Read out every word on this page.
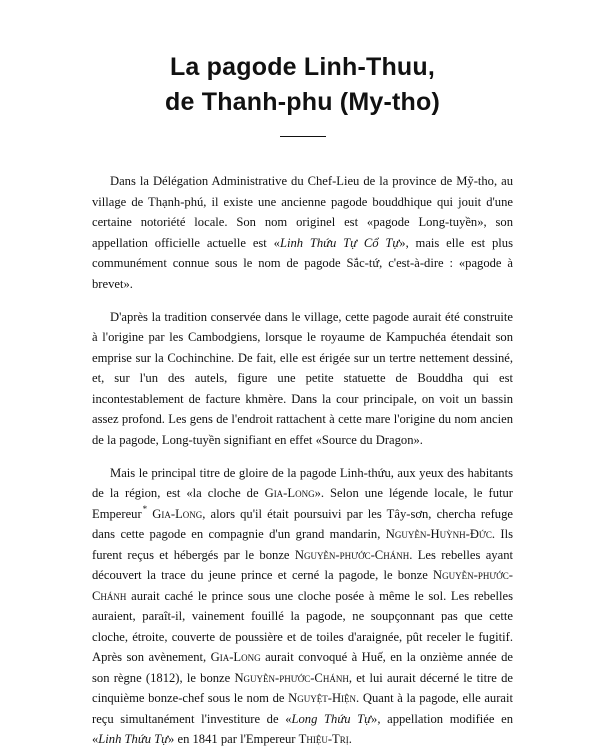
La pagode Linh-Thuu,
de Thanh-phu (My-tho)

Dans la Délégation Administrative du Chef-Lieu de la province de Mỹ-tho, au village de Thạnh-phú, il existe une ancienne pagode bouddhique qui jouit d'une certaine notoriété locale. Son nom originel est «pagode Long-tuyền», son appellation officielle actuelle est «Linh Thứu Tự Cổ Tự», mais elle est plus communément connue sous le nom de pagode Sắc-tứ, c'est-à-dire : «pagode à brevet».

D'après la tradition conservée dans le village, cette pagode aurait été construite à l'origine par les Cambodgiens, lorsque le royaume de Kampuchéa étendait son emprise sur la Cochinchine. De fait, elle est érigée sur un tertre nettement dessiné, et, sur l'un des autels, figure une petite statuette de Bouddha qui est incontestablement de facture khmère. Dans la cour principale, on voit un bassin assez profond. Les gens de l'endroit rattachent à cette mare l'origine du nom ancien de la pagode, Long-tuyền signifiant en effet «Source du Dragon».

Mais le principal titre de gloire de la pagode Linh-thứu, aux yeux des habitants de la région, est «la cloche de Gia-Long». Selon une légende locale, le futur Empereur* Gia-Long, alors qu'il était poursuivi par les Tây-sơn, chercha refuge dans cette pagode en compagnie d'un grand mandarin, Nguyễn-Huỳnh-Đức. Ils furent reçus et hébergés par le bonze Nguyễn-phước-Chánh. Les rebelles ayant découvert la trace du jeune prince et cerné la pagode, le bonze Nguyễn-phước-Chánh aurait caché le prince sous une cloche posée à même le sol. Les rebelles auraient, paraît-il, vainement fouillé la pagode, ne soupçonnant pas que cette cloche, étroite, couverte de poussière et de toiles d'araignée, pût receler le fugitif. Après son avènement, Gia-Long aurait convoqué à Huế, en la onzième année de son règne (1812), le bonze Nguyễn-phước-Chánh, et lui aurait décerné le titre de cinquième bonze-chef sous le nom de Nguyệt-Hiện. Quant à la pagode, elle aurait reçu simultanément l'investiture de «Long Thứu Tự», appellation modifiée en «Linh Thứu Tự» en 1841 par l'Empereur Thiệu-Trị.
